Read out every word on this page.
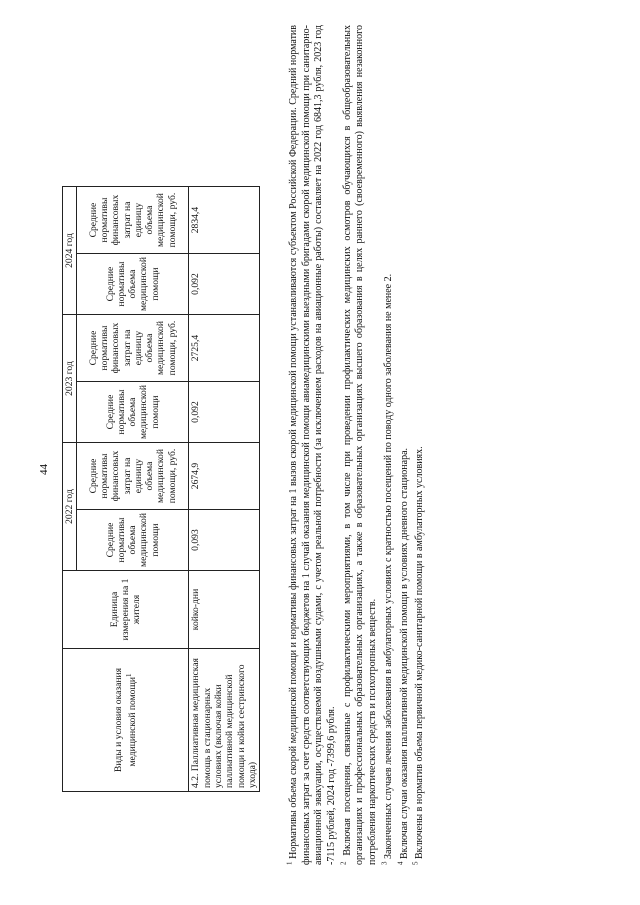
44
Виды и условия оказания медицинской помощи$^1$	Единица измерения на 1 жителя	2022 год		2023 год		2024 год	
		Средние нормативы объема медицинской помощи	Средние нормативы финансовых затрат на единицу объема медицинской помощи, руб.	Средние нормативы объема медицинской помощи	Средние нормативы финансовых затрат на единицу объема медицинской помощи, руб.	Средние нормативы объема медицинской помощи	Средние нормативы финансовых затрат на единицу объема медицинской помощи, руб.
4.2. Паллиативная медицинская помощь в стационарных условиях (включая койки паллиативной медицинской помощи и койки сестринского ухода)	койко-дни	0,093	2674,9	0,092	2725,4	0,092	2834,4

$^1$ Нормативы объема скорой медицинской помощи и нормативы финансовых затрат на 1 вызов скорой медицинской помощи устанавливаются субъектом Российской Федерации. Средний норматив финансовых затрат за счет средств соответствующих бюджетов на 1 случай оказания медицинской помощи авиамедицинскими выездными бригадами скорой медицинской помощи при санитарно-авиационной эвакуации, осуществляемой воздушными судами, с учетом реальной потребности (за исключением расходов на авиационные работы) составляет на 2022 год 6841,3 рубля, 2023 год -7115 рублей, 2024 год -7399,6 рубля. $^2$ Включая посещения, связанные с профилактическими мероприятиями, в том числе при проведении профилактических медицинских осмотров обучающихся в общеобразовательных организациях и профессиональных образовательных организациях, а также в образовательных организациях высшего образования в целях раннего (своевременного) выявления незаконного потребления наркотических средств и психотропных веществ. $^3$ Законченных случаев лечения заболевания в амбулаторных условиях с кратностью посещений по поводу одного заболевания не менее 2.

$^4$ Включая случаи оказания паллиативной медицинской помощи в условиях дневного стационара.

$^5$ Включены в норматив объема первичной медико-санитарной помощи в амбулаторных условиях.
